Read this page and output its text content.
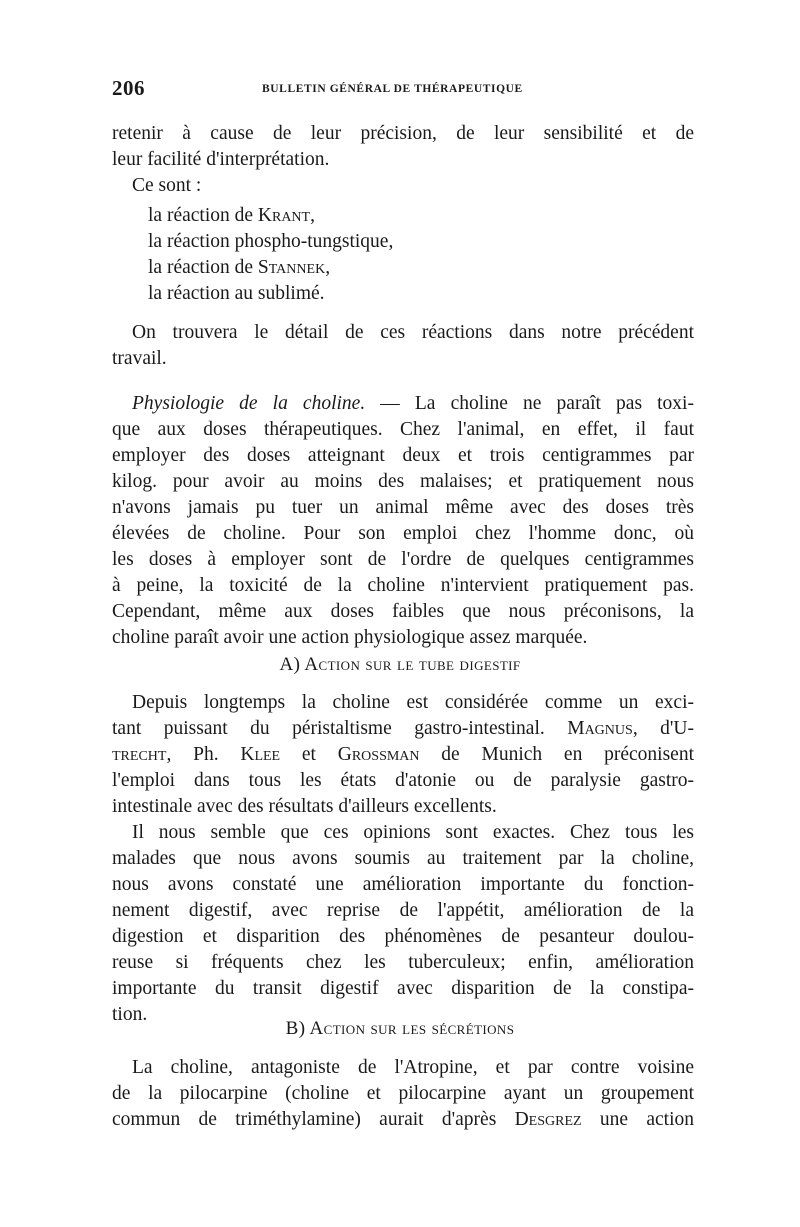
206	BULLETIN GÉNÉRAL DE THÉRAPEUTIQUE
retenir à cause de leur précision, de leur sensibilité et de
leur facilité d'interprétation.
Ce sont :
la réaction de Krant,
la réaction phospho-tungstique,
la réaction de Stannek,
la réaction au sublimé.
On trouvera le détail de ces réactions dans notre précédent
travail.
Physiologie de la choline. — La choline ne paraît pas toxi-
que aux doses thérapeutiques. Chez l'animal, en effet, il faut
employer des doses atteignant deux et trois centigrammes par
kilog. pour avoir au moins des malaises; et pratiquement nous
n'avons jamais pu tuer un animal même avec des doses très
élevées de choline. Pour son emploi chez l'homme donc, où
les doses à employer sont de l'ordre de quelques centigrammes
à peine, la toxicité de la choline n'intervient pratiquement pas.
Cependant, même aux doses faibles que nous préconisons, la
choline paraît avoir une action physiologique assez marquée.
A) Action sur le tube digestif
Depuis longtemps la choline est considérée comme un exci-
tant puissant du péristaltisme gastro-intestinal. Magnus, d'U-
trecht, Ph. Klee et Grossman de Munich en préconisent
l'emploi dans tous les états d'atonie ou de paralysie gastro-
intestinale avec des résultats d'ailleurs excellents.
Il nous semble que ces opinions sont exactes. Chez tous les
malades que nous avons soumis au traitement par la choline,
nous avons constaté une amélioration importante du fonction-
nement digestif, avec reprise de l'appétit, amélioration de la
digestion et disparition des phénomènes de pesanteur doulou-
reuse si fréquents chez les tuberculeux; enfin, amélioration
importante du transit digestif avec disparition de la constipa-
tion.
B) Action sur les sécrétions
La choline, antagoniste de l'Atropine, et par contre voisine
de la pilocarpine (choline et pilocarpine ayant un groupement
commun de triméthylamine) aurait d'après Desgrez une action
